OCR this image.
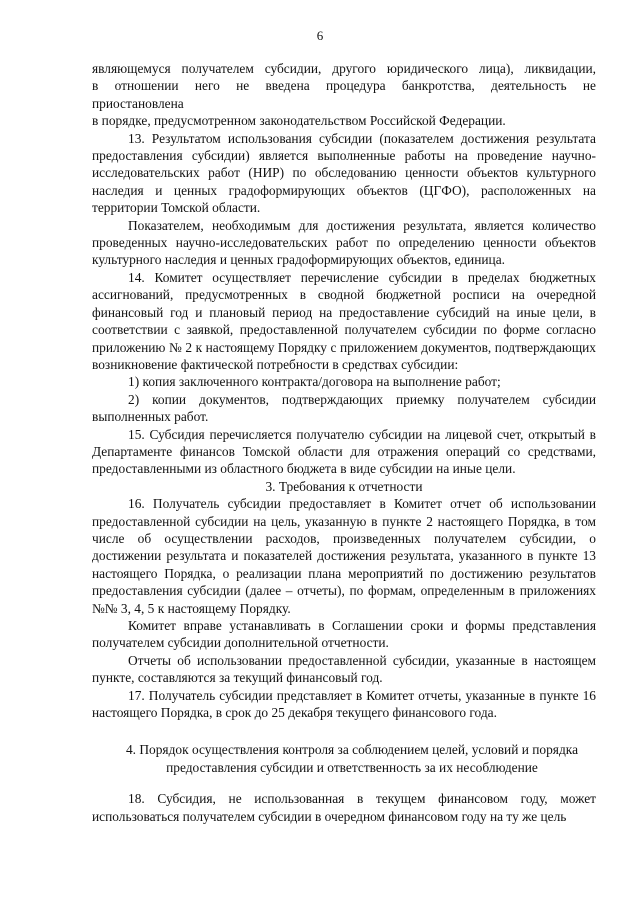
6

являющемуся получателем субсидии, другого юридического лица), ликвидации,

в отношении него не введена процедура банкротства, деятельность не

приостановлена

в порядке, предусмотренном законодательством Российской Федерации.

13. Результатом использования субсидии (показателем достижения результата предоставления субсидии) является выполненные работы на проведение научно-исследовательских работ (НИР) по обследованию ценности объектов культурного наследия и ценных градоформирующих объектов (ЦГФО), расположенных на территории Томской области.

Показателем, необходимым для достижения результата, является количество проведенных научно-исследовательских работ по определению ценности объектов культурного наследия и ценных градоформирующих объектов, единица.

14. Комитет осуществляет перечисление субсидии в пределах бюджетных ассигнований, предусмотренных в сводной бюджетной росписи на очередной финансовый год и плановый период на предоставление субсидий на иные цели, в соответствии с заявкой, предоставленной получателем субсидии по форме согласно приложению № 2 к настоящему Порядку с приложением документов, подтверждающих возникновение фактической потребности в средствах субсидии:

1) копия заключенного контракта/договора на выполнение работ;

2) копии документов, подтверждающих приемку получателем субсидии выполненных работ.

15. Субсидия перечисляется получателю субсидии на лицевой счет, открытый в Департаменте финансов Томской области для отражения операций со средствами, предоставленными из областного бюджета в виде субсидии на иные цели.

3. Требования к отчетности

16. Получатель субсидии предоставляет в Комитет отчет об использовании предоставленной субсидии на цель, указанную в пункте 2 настоящего Порядка, в том числе об осуществлении расходов, произведенных получателем субсидии, о достижении результата и показателей достижения результата, указанного в пункте 13 настоящего Порядка, о реализации плана мероприятий по достижению результатов предоставления субсидии (далее – отчеты), по формам, определенным в приложениях №№ 3, 4, 5 к настоящему Порядку.

Комитет вправе устанавливать в Соглашении сроки и формы представления получателем субсидии дополнительной отчетности.

Отчеты об использовании предоставленной субсидии, указанные в настоящем пункте, составляются за текущий финансовый год.

17. Получатель субсидии представляет в Комитет отчеты, указанные в пункте 16 настоящего Порядка, в срок до 25 декабря текущего финансового года.

4. Порядок осуществления контроля за соблюдением целей, условий и порядка
предоставления субсидии и ответственность за их несоблюдение

18. Субсидия, не использованная в текущем финансовом году, может использоваться получателем субсидии в очередном финансовом году на ту же цель
